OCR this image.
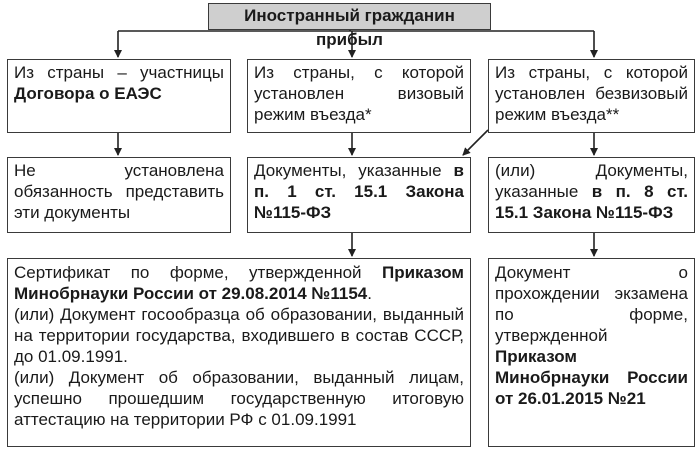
Иностранный гражданин прибыл
Из страны – участницы Договора о ЕАЭС
Из страны, с которой установлен визовый режим въезда*
Из страны, с которой установлен безвизовый режим въезда**
Не установлена обязанность представить эти документы
Документы, указанные в п. 1 ст. 15.1 Закона №115-ФЗ
(или) Документы, указанные в п. 8 ст. 15.1 Закона №115-ФЗ
Сертификат по форме, утвержденной Приказом Минобрнауки России от 29.08.2014 №1154.
(или) Документ госообразца об образовании, выданный на территории государства, входившего в состав СССР, до 01.09.1991.
(или) Документ об образовании, выданный лицам, успешно прошедшим государственную итоговую аттестацию на территории РФ с 01.09.1991
Документ о прохождении экзамена по форме, утвержденной Приказом Минобрнауки России от 26.01.2015 №21
